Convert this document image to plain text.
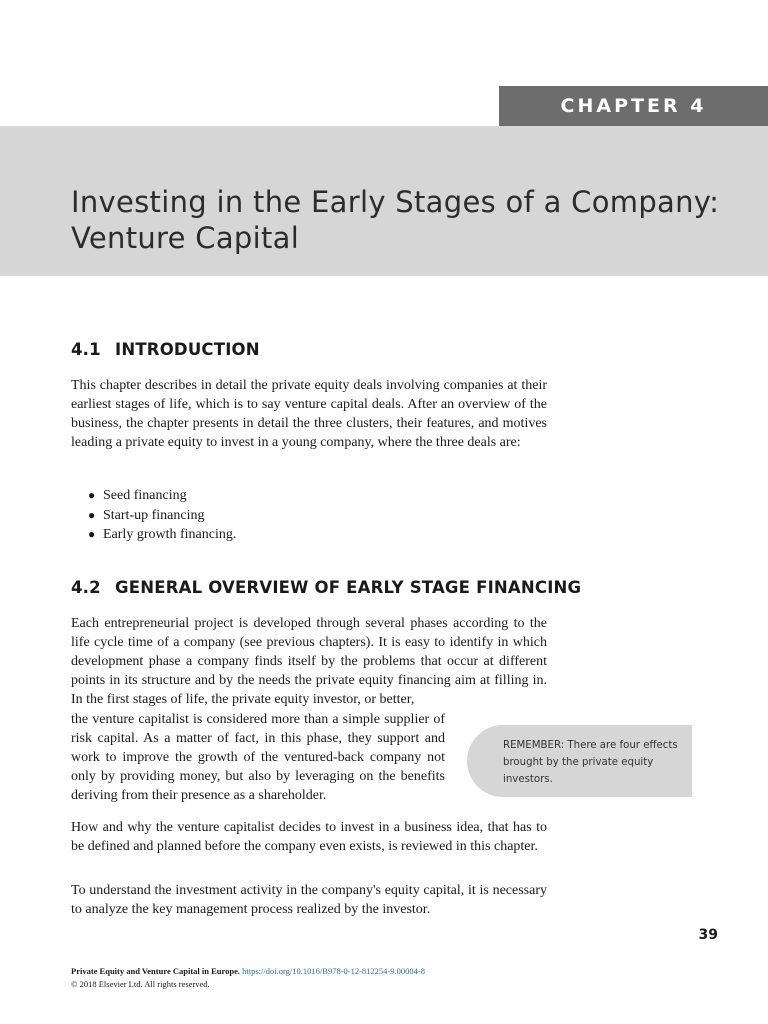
CHAPTER 4
Investing in the Early Stages of a Company:
Venture Capital
4.1 INTRODUCTION

This chapter describes in detail the private equity deals involving companies at their earliest stages of life, which is to say venture capital deals. After an overview of the business, the chapter presents in detail the three clusters, their features, and motives leading a private equity to invest in a young company, where the three deals are:

● Seed financing
● Start-up financing
● Early growth financing.
4.2 GENERAL OVERVIEW OF EARLY STAGE FINANCING

Each entrepreneurial project is developed through several phases according to the life cycle time of a company (see previous chapters). It is easy to identify in which development phase a company finds itself by the problems that occur at different points in its structure and by the needs the private equity financing aim at filling in. In the first stages of life, the private equity investor, or better,

the venture capitalist is considered more than a simple supplier of risk capital. As a matter of fact, in this phase, they support and work to improve the growth of the ventured-back company not only by providing money, but also by leveraging on the benefits deriving from their presence as a shareholder.

REMEMBER: There are four effects brought by the private equity investors.

How and why the venture capitalist decides to invest in a business idea, that has to be defined and planned before the company even exists, is reviewed in this chapter.

To understand the investment activity in the company's equity capital, it is necessary to analyze the key management process realized by the investor.

39
Private Equity and Venture Capital in Europe. https://doi.org/10.1016/B978-0-12-812254-9.00004-8
© 2018 Elsevier Ltd. All rights reserved.
